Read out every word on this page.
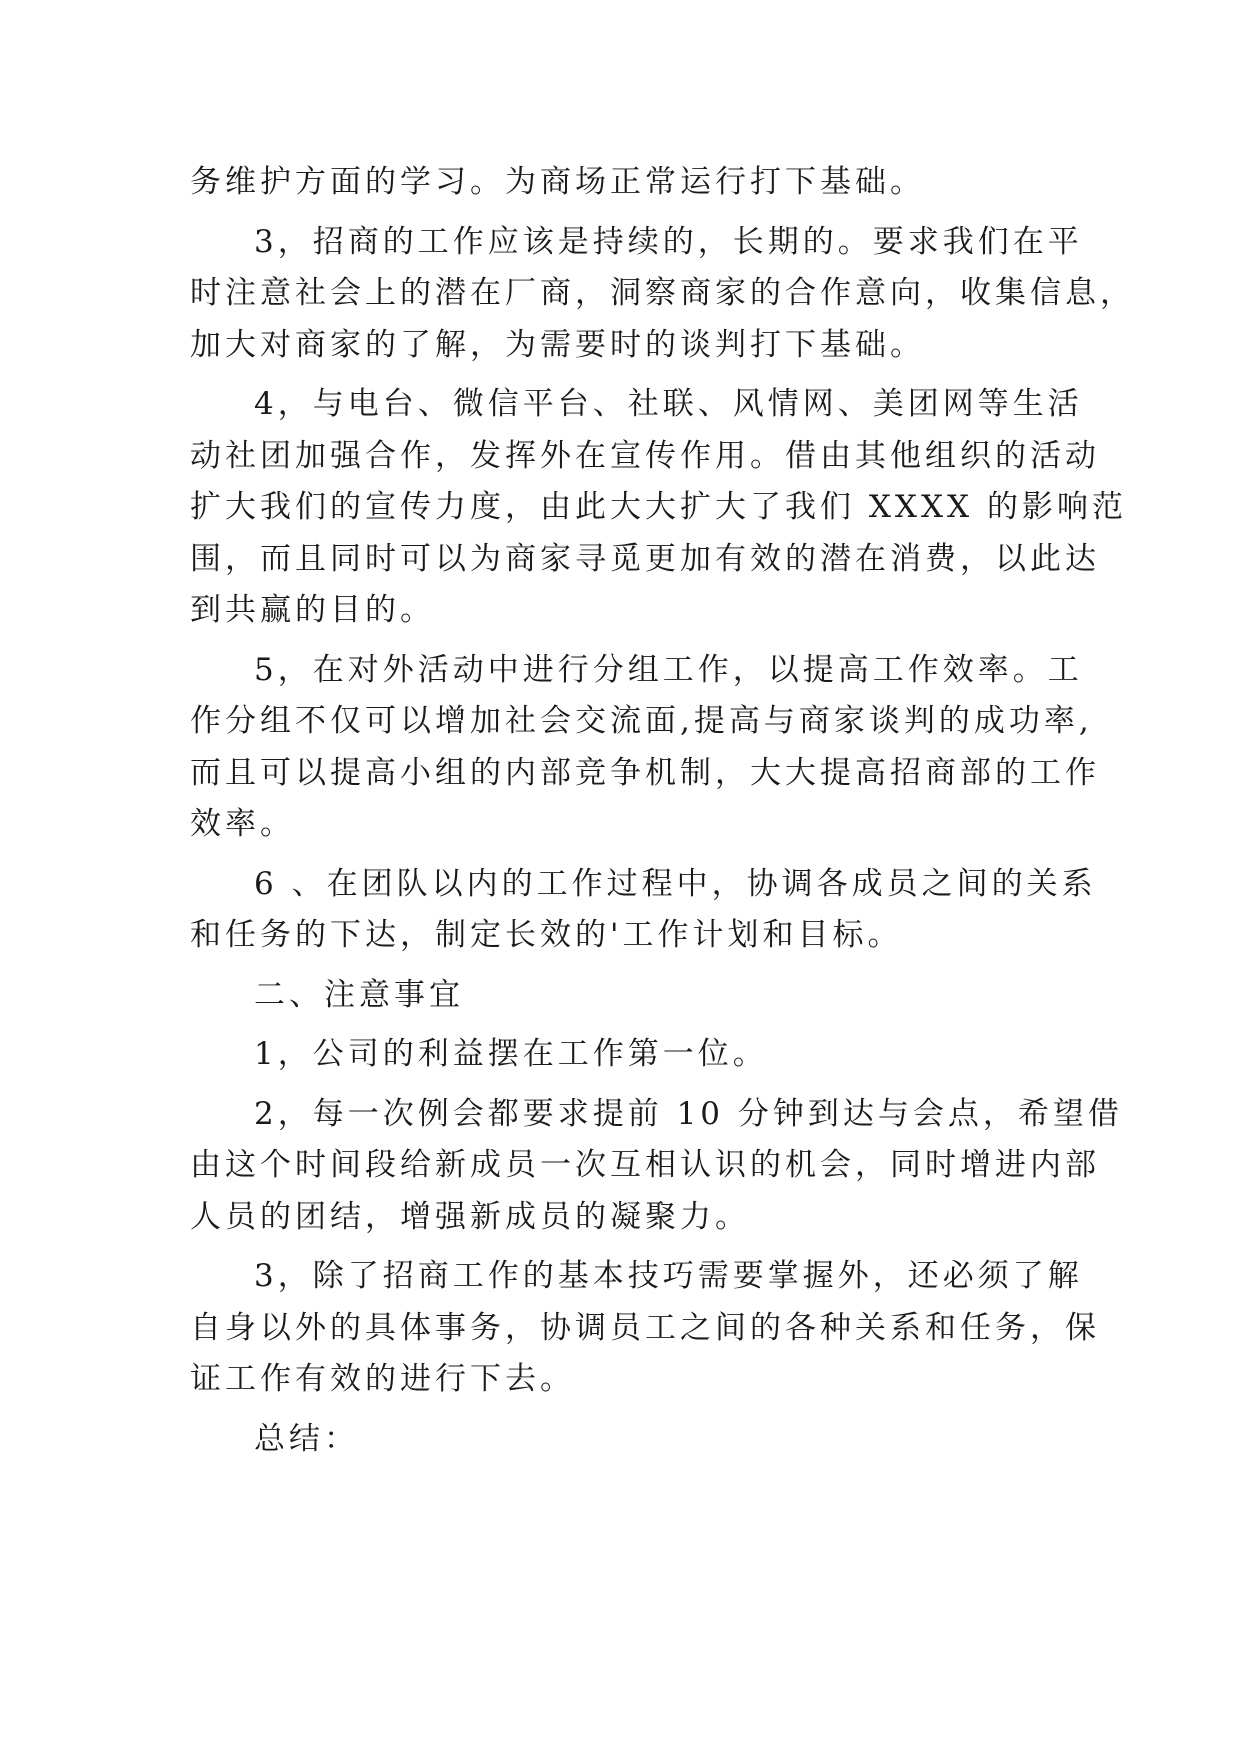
务维护方面的学习。为商场正常运行打下基础。

3，招商的工作应该是持续的，长期的。要求我们在平
时注意社会上的潜在厂商，洞察商家的合作意向，收集信息，
加大对商家的了解，为需要时的谈判打下基础。

4，与电台、微信平台、社联、风情网、美团网等生活
动社团加强合作，发挥外在宣传作用。借由其他组织的活动
扩大我们的宣传力度，由此大大扩大了我们 XXXX 的影响范
围，而且同时可以为商家寻觅更加有效的潜在消费，以此达
到共赢的目的。

5，在对外活动中进行分组工作，以提高工作效率。工
作分组不仅可以增加社会交流面,提高与商家谈判的成功率,
而且可以提高小组的内部竞争机制，大大提高招商部的工作
效率。

6 、在团队以内的工作过程中，协调各成员之间的关系
和任务的下达，制定长效的'工作计划和目标。

二、注意事宜

1，公司的利益摆在工作第一位。

2，每一次例会都要求提前 10 分钟到达与会点，希望借
由这个时间段给新成员一次互相认识的机会，同时增进内部
人员的团结，增强新成员的凝聚力。

3，除了招商工作的基本技巧需要掌握外，还必须了解
自身以外的具体事务，协调员工之间的各种关系和任务，保
证工作有效的进行下去。

总结：
